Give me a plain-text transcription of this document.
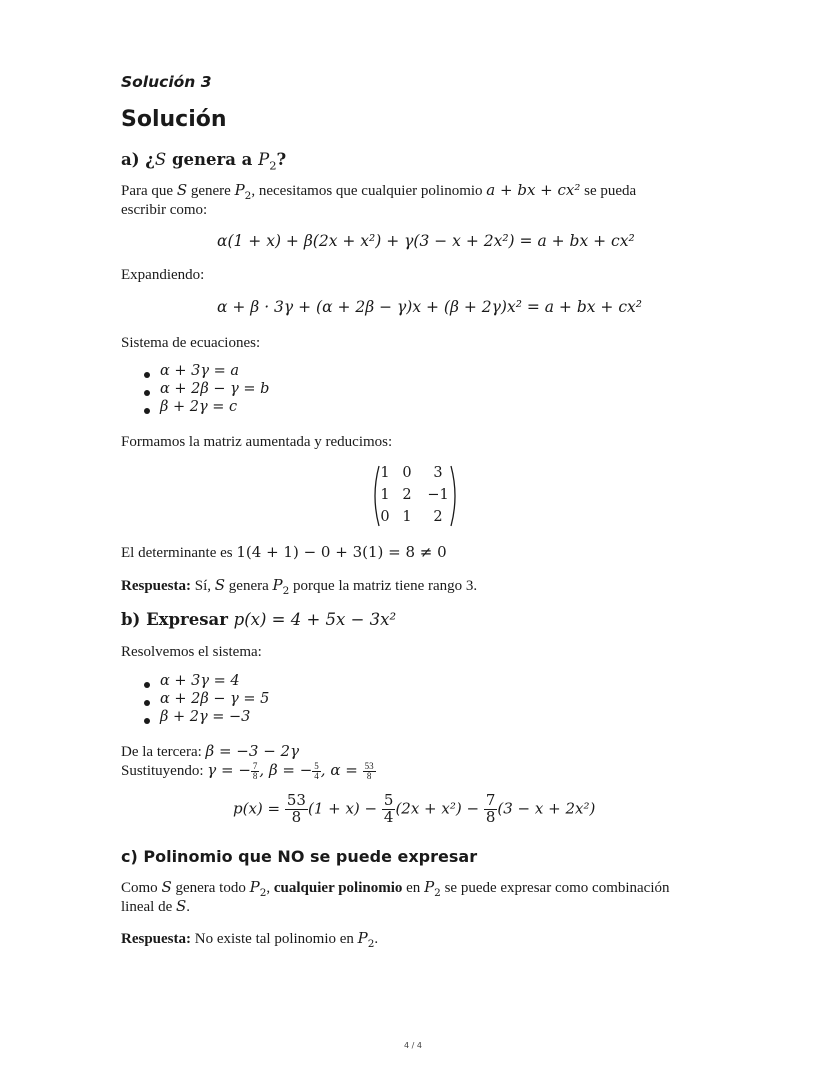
Solución 3
Solución
a) ¿S genera a $P_2$?
Para que S genere $P_2$, necesitamos que cualquier polinomio a + bx + cx² se pueda
escribir como:
α(1 + x) + β(2x + x²) + γ(3 − x + 2x²) = a + bx + cx²
Expandiendo:
α + β · 3γ + (α + 2β − γ)x + (β + 2γ)x² = a + bx + cx²
Sistema de ecuaciones:
α + 3γ = a
α + 2β − γ = b
β + 2γ = c
Formamos la matriz aumentada y reducimos:
1 0	3
1 2	−1
0 1	2
El determinante es 1(4 + 1) − 0 + 3(1) = 8 ≠ 0
Respuesta: Sí, S genera $P_2$ porque la matriz tiene rango 3.
b) Expresar p(x) = 4 + 5x − 3x²
Resolvemos el sistema:
α + 3γ = 4
α + 2β − γ = 5
β + 2γ = −3
De la tercera: β = −3 − 2γ
Sustituyendo: γ = − $\frac{7}{8}$ , β = − $\frac{5}{4}$ , $\alpha = \frac{53}{8}$
$p(x) = \frac{53}{8} (1 + x) - \frac{5}{4} (2x + x^2) - \frac{7}{8} (3 - x + 2x^2)$
c) Polinomio que NO se puede expresar
Como S genera todo $P_2$, cualquier polinomio en $P_2$ se puede expresar como combinación
lineal de S.
Respuesta: No existe tal polinomio en $P_2$.
4 / 4
